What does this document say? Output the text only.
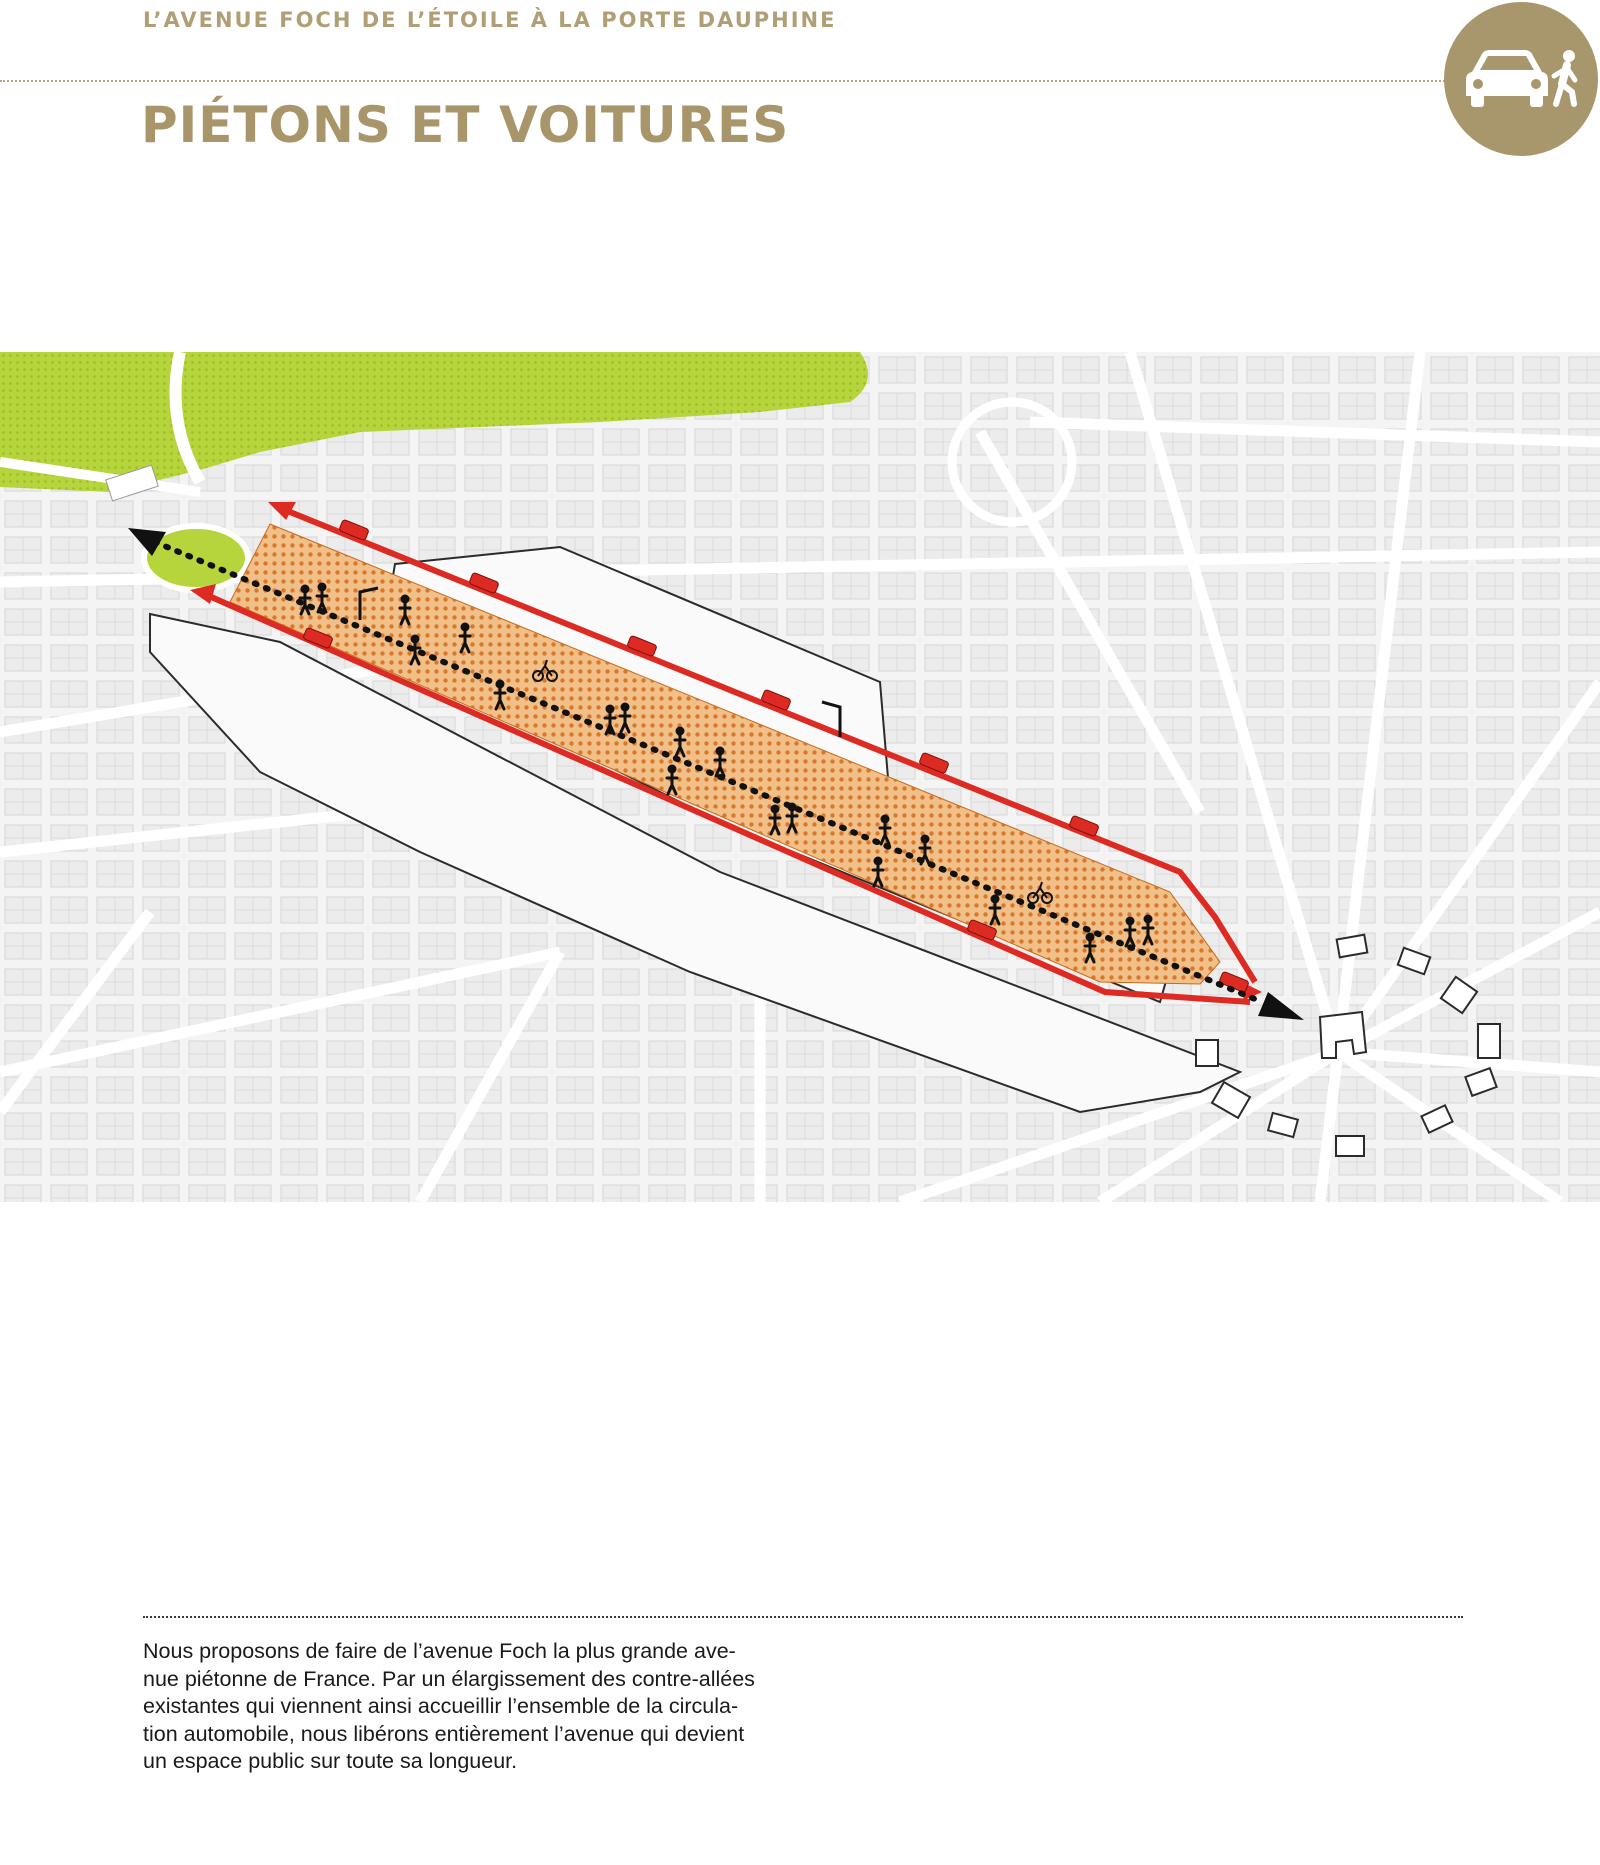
L’AVENUE FOCH DE L’ÉTOILE À LA PORTE DAUPHINE
PIÉTONS ET VOITURES

Nous proposons de faire de l’avenue Foch la plus grande ave-
nue piétonne de France. Par un élargissement des contre-allées
existantes qui viennent ainsi accueillir l’ensemble de la circula-
tion automobile, nous libérons entièrement l’avenue qui devient
un espace public sur toute sa longueur.
